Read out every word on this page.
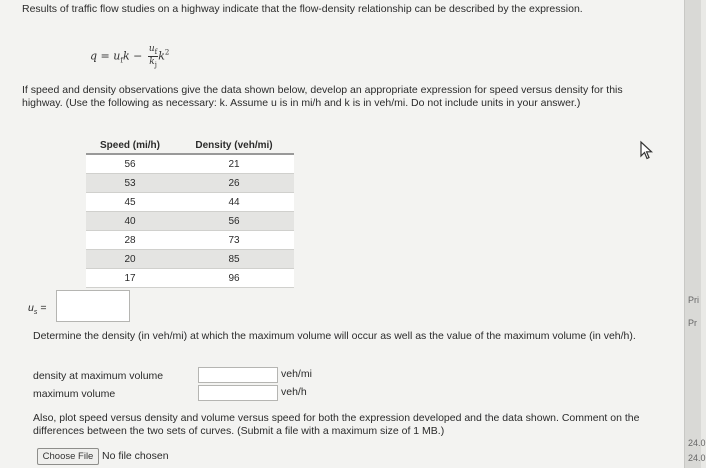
Results of traffic flow studies on a highway indicate that the flow-density relationship can be described by the expression.
$q = u_fk - \frac{u_f}{k_j} k^2$
If speed and density observations give the data shown below, develop an appropriate expression for speed versus density for this highway. (Use the following as necessary: k. Assume u is in mi/h and k is in veh/mi. Do not include units in your answer.)
Speed (mi/h)	Density (veh/mi)
56	21
53	26
45	44
40	56
28	73
20	85
17	96
$u_s$ =
Determine the density (in veh/mi) at which the maximum volume will occur as well as the value of the maximum volume (in veh/h).
density at maximum volume	veh/mi
maximum volume	veh/h
Also, plot speed versus density and volume versus speed for both the expression developed and the data shown. Comment on the differences between the two sets of curves. (Submit a file with a maximum size of 1 MB.)
Choose File No file chosen
Pri
Pr
24.0
24.0
